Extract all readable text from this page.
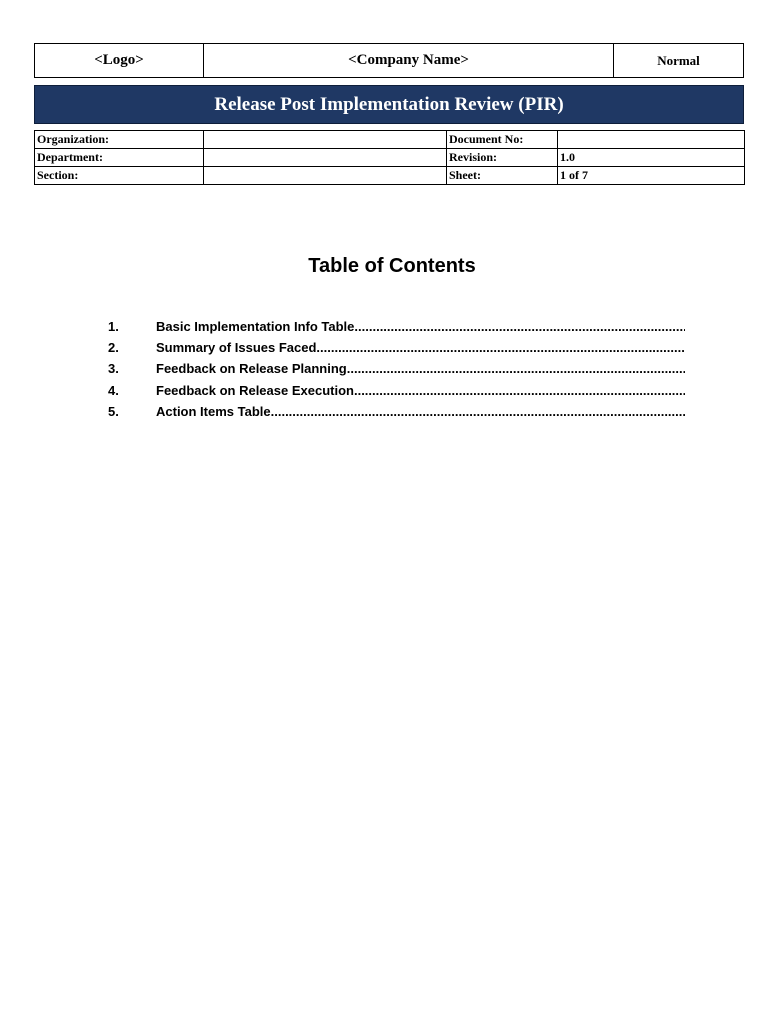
<Logo>	<Company Name>	Normal
Release Post Implementation Review (PIR)
Organization:		Document No:	
Department:		Revision:	1.0
Section:		Sheet:	1 of 7
Table of Contents
1.	Basic Implementation Info Table
.....
2.	Summary of Issues Faced
.....
3.	Feedback on Release Planning
.....
4.	Feedback on Release Execution
.....
5.	Action Items Table
.....
